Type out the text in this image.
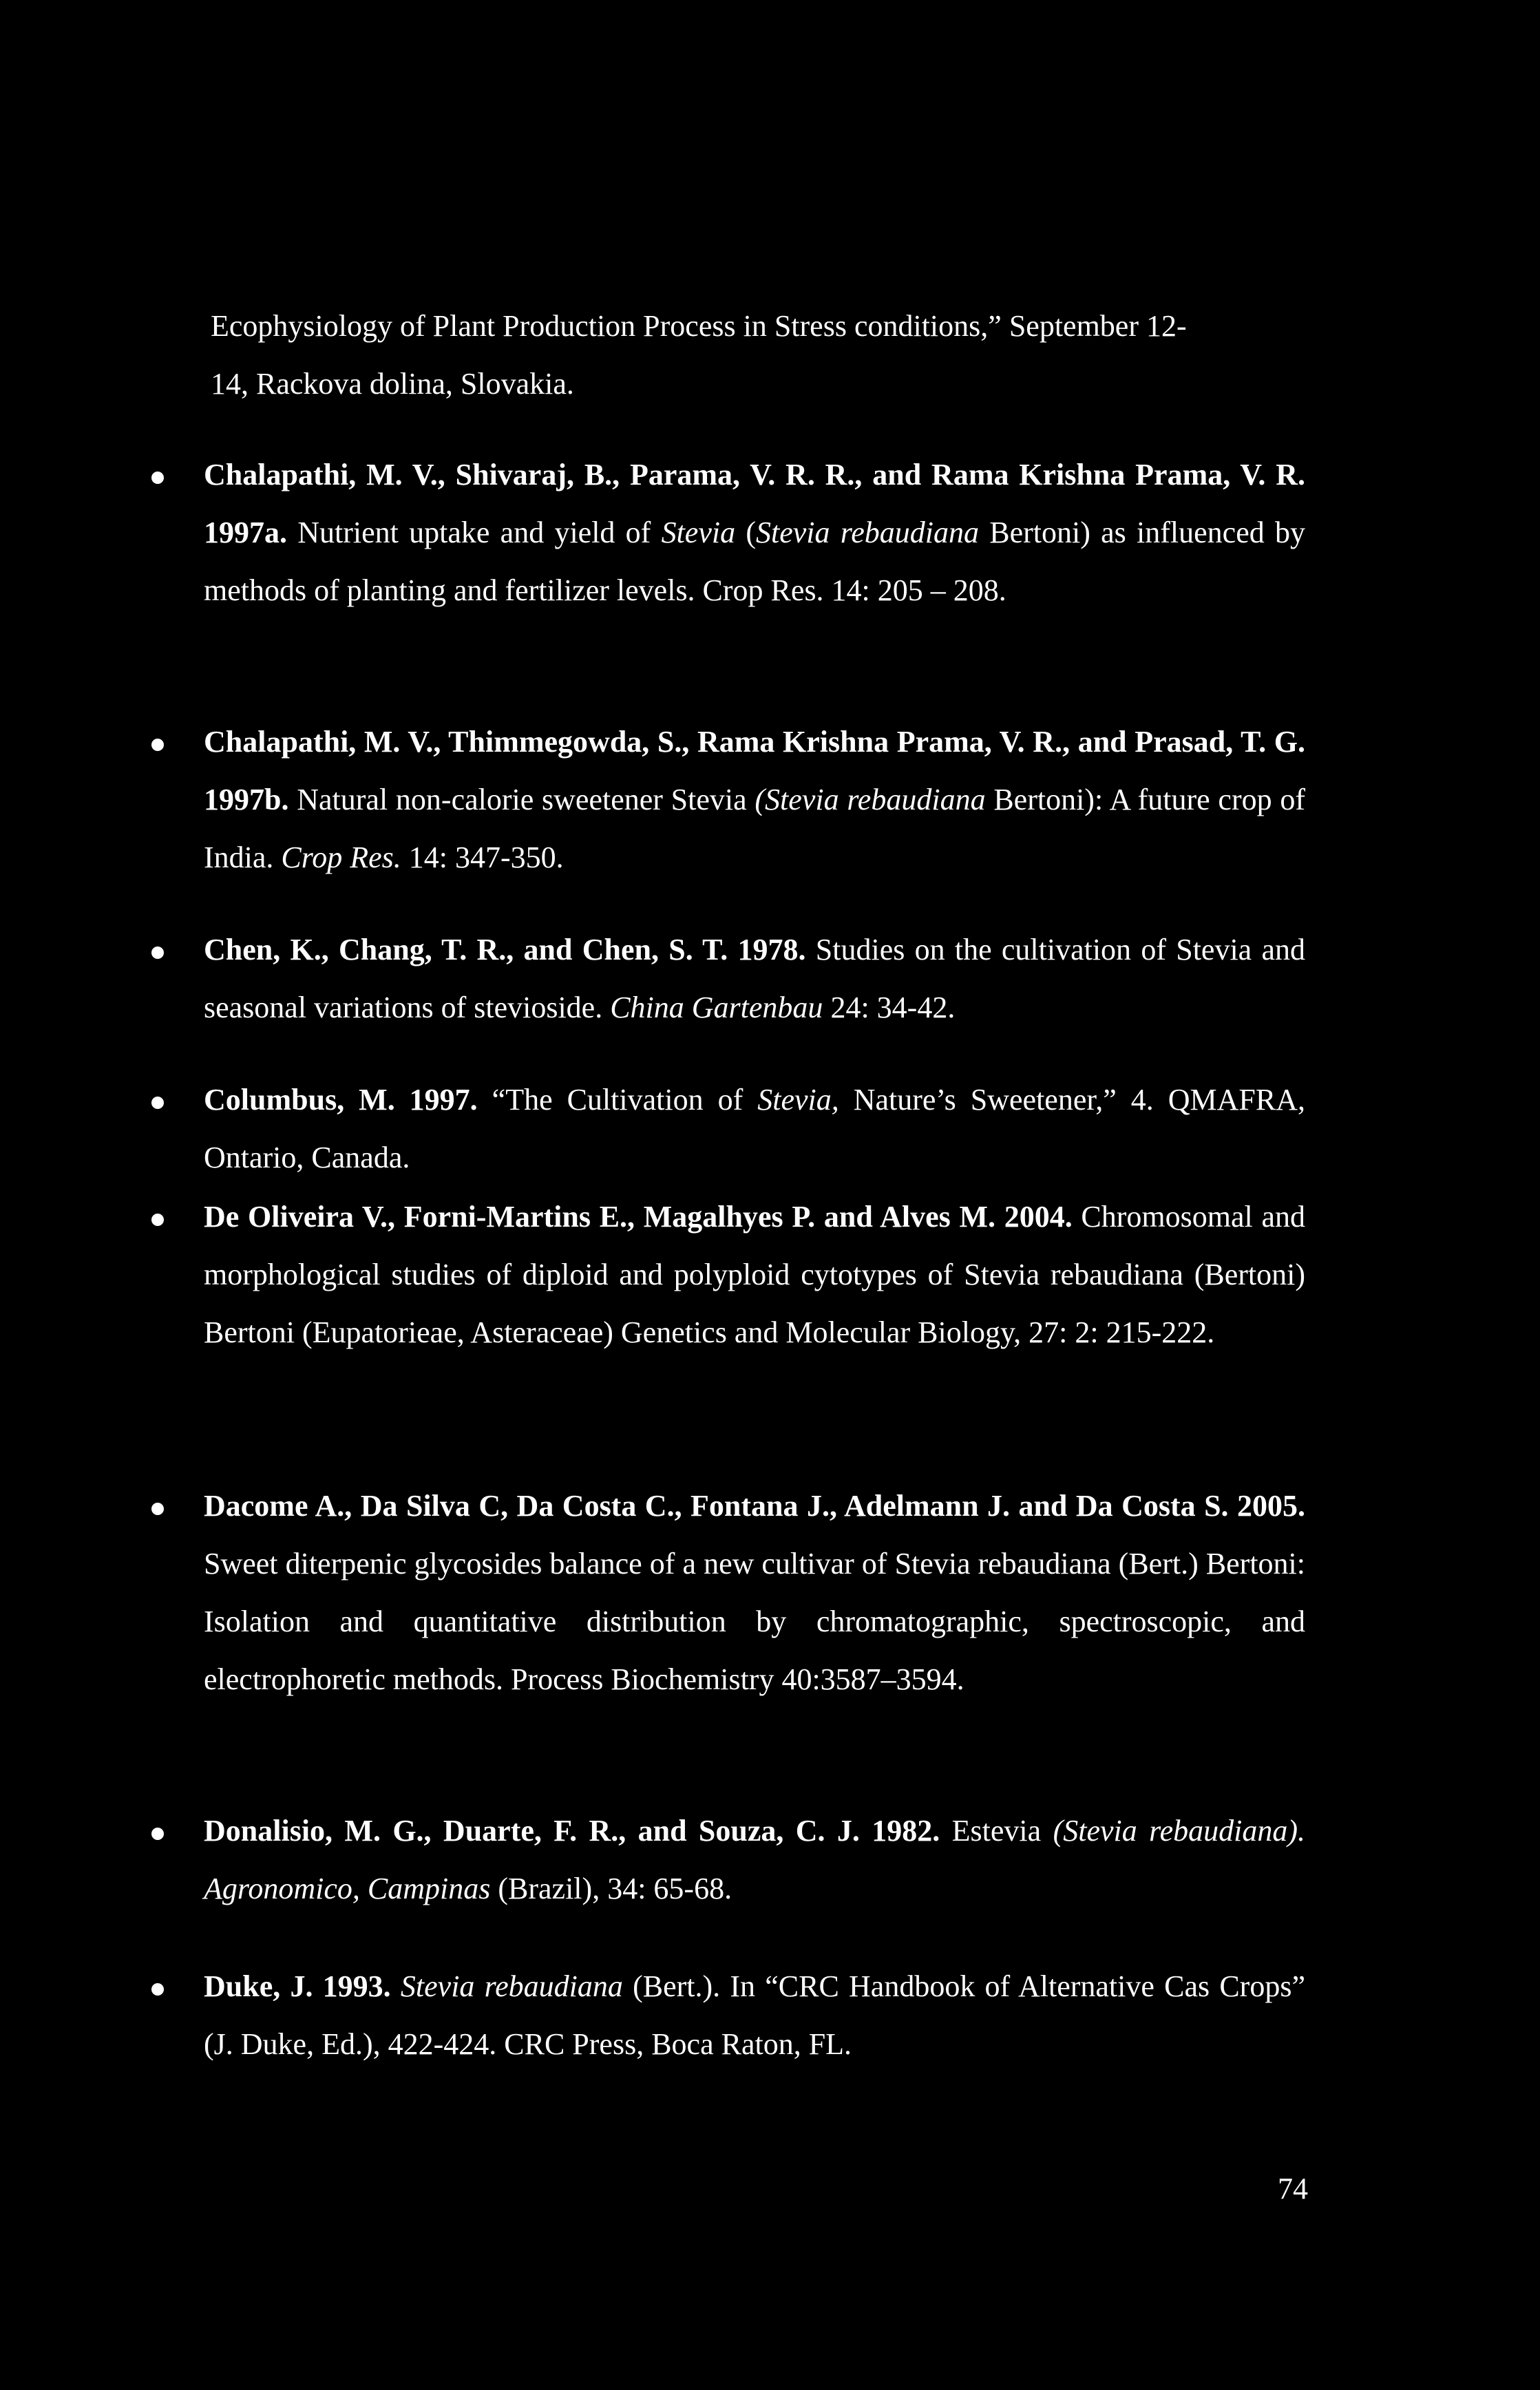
Ecophysiology of Plant Production Process in Stress conditions,” September 12-
14, Rackova dolina, Slovakia.
Chalapathi, M. V., Shivaraj, B., Parama, V. R. R., and Rama Krishna Prama, V. R. 1997a. Nutrient uptake and yield of Stevia (Stevia rebaudiana Bertoni) as influenced by methods of planting and fertilizer levels. Crop Res. 14: 205 – 208.
Chalapathi, M. V., Thimmegowda, S., Rama Krishna Prama, V. R., and Prasad, T. G. 1997b. Natural non-calorie sweetener Stevia (Stevia rebaudiana Bertoni): A future crop of India. Crop Res. 14: 347-350.
Chen, K., Chang, T. R., and Chen, S. T. 1978. Studies on the cultivation of Stevia and seasonal variations of stevioside. China Gartenbau 24: 34-42.
Columbus, M. 1997. “The Cultivation of Stevia, Nature’s Sweetener,” 4. QMAFRA, Ontario, Canada.
De Oliveira V., Forni-Martins E., Magalhyes P. and Alves M. 2004. Chromosomal and morphological studies of diploid and polyploid cytotypes of Stevia rebaudiana (Bertoni) Bertoni (Eupatorieae, Asteraceae) Genetics and Molecular Biology, 27: 2: 215-222.
Dacome A., Da Silva C, Da Costa C., Fontana J., Adelmann J. and Da Costa S. 2005. Sweet diterpenic glycosides balance of a new cultivar of Stevia rebaudiana (Bert.) Bertoni: Isolation and quantitative distribution by chromatographic, spectroscopic, and electrophoretic methods. Process Biochemistry 40:3587–3594.
Donalisio, M. G., Duarte, F. R., and Souza, C. J. 1982. Estevia (Stevia rebaudiana). Agronomico, Campinas (Brazil), 34: 65-68.
Duke, J. 1993. Stevia rebaudiana (Bert.). In “CRC Handbook of Alternative Cas Crops” (J. Duke, Ed.), 422-424. CRC Press, Boca Raton, FL.
74
